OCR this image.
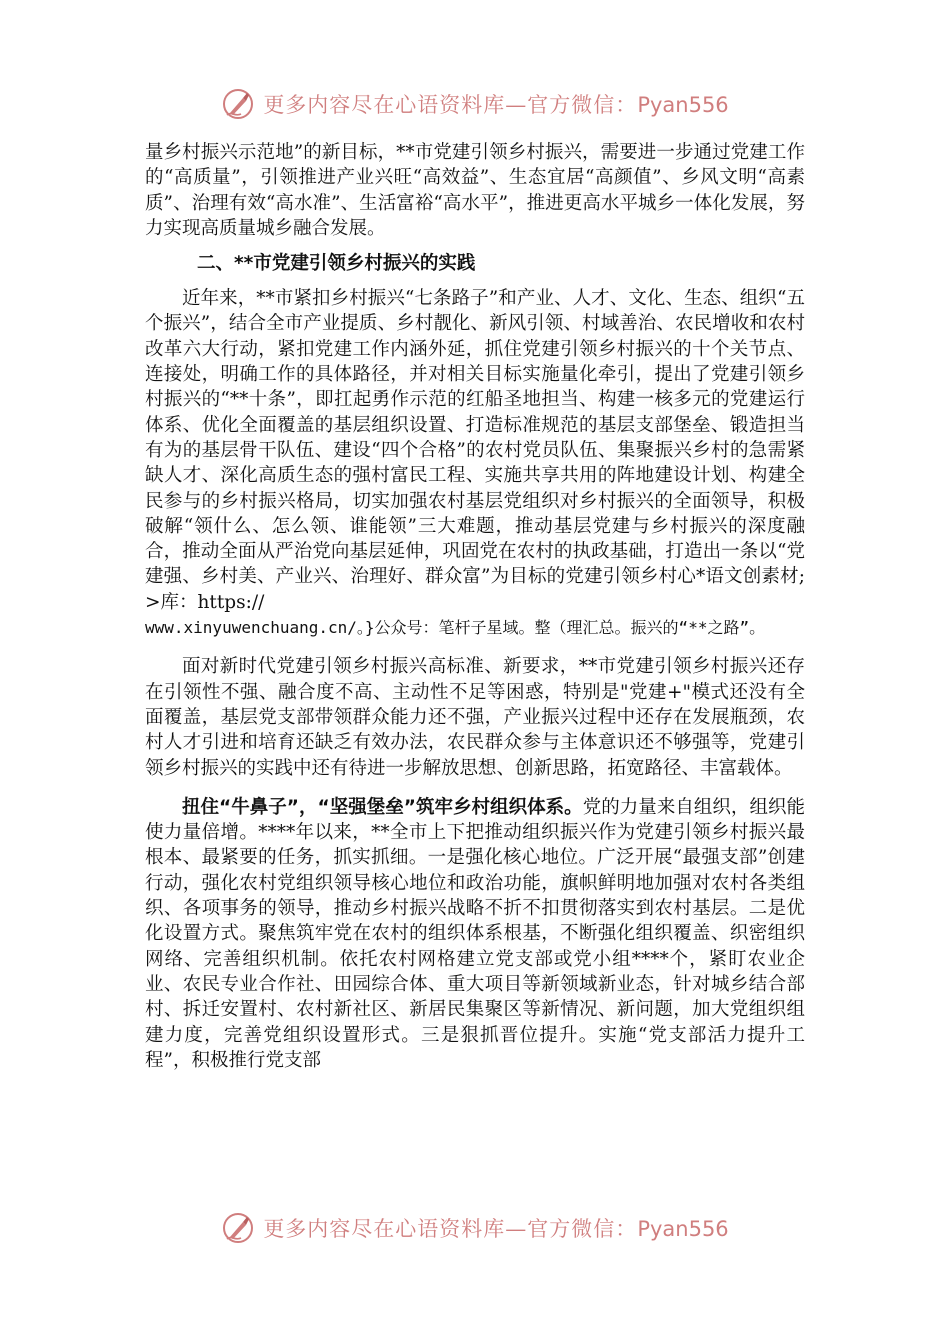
更多内容尽在心语资料库—官方微信：Pyan556

量乡村振兴示范地”的新目标，**市党建引领乡村振兴，需要进一步通过党建工作的“高质量”，引领推进产业兴旺“高效益”、生态宜居“高颜值”、乡风文明“高素质”、治理有效“高水准”、生活富裕“高水平”，推进更高水平城乡一体化发展，努力实现高质量城乡融合发展。

二、**市党建引领乡村振兴的实践

近年来，**市紧扣乡村振兴“七条路子”和产业、人才、文化、生态、组织“五个振兴”，结合全市产业提质、乡村靓化、新风引领、村域善治、农民增收和农村改革六大行动，紧扣党建工作内涵外延，抓住党建引领乡村振兴的十个关节点、连接处，明确工作的具体路径，并对相关目标实施量化牵引，提出了党建引领乡村振兴的“**十条”，即扛起勇作示范的红船圣地担当、构建一核多元的党建运行体系、优化全面覆盖的基层组织设置、打造标准规范的基层支部堡垒、锻造担当有为的基层骨干队伍、建设“四个合格”的农村党员队伍、集聚振兴乡村的急需紧缺人才、深化高质生态的强村富民工程、实施共享共用的阵地建设计划、构建全民参与的乡村振兴格局，切实加强农村基层党组织对乡村振兴的全面领导，积极破解“领什么、怎么领、谁能领”三大难题，推动基层党建与乡村振兴的深度融合，推动全面从严治党向基层延伸，巩固党在农村的执政基础，打造出一条以“党建强、乡村美、产业兴、治理好、群众富”为目标的党建引领乡村心*语文创素材;>库：https://

www.xinyuwenchuang.cn/。}公众号：笔杆子星域。整（理汇总。振兴的“**之路”。

面对新时代党建引领乡村振兴高标准、新要求，**市党建引领乡村振兴还存在引领性不强、融合度不高、主动性不足等困惑，特别是"党建+"模式还没有全面覆盖，基层党支部带领群众能力还不强，产业振兴过程中还存在发展瓶颈，农村人才引进和培育还缺乏有效办法，农民群众参与主体意识还不够强等，党建引领乡村振兴的实践中还有待进一步解放思想、创新思路，拓宽路径、丰富载体。

扭住“牛鼻子”，“坚强堡垒”筑牢乡村组织体系。党的力量来自组织，组织能使力量倍增。****年以来，**全市上下把推动组织振兴作为党建引领乡村振兴最根本、最紧要的任务，抓实抓细。一是强化核心地位。广泛开展“最强支部”创建行动，强化农村党组织领导核心地位和政治功能，旗帜鲜明地加强对农村各类组织、各项事务的领导，推动乡村振兴战略不折不扣贯彻落实到农村基层。二是优化设置方式。聚焦筑牢党在农村的组织体系根基，不断强化组织覆盖、织密组织网络、完善组织机制。依托农村网格建立党支部或党小组****个，紧盯农业企业、农民专业合作社、田园综合体、重大项目等新领域新业态，针对城乡结合部村、拆迁安置村、农村新社区、新居民集聚区等新情况、新问题，加大党组织组建力度，完善党组织设置形式。三是狠抓晋位提升。实施“党支部活力提升工程”，积极推行党支部

更多内容尽在心语资料库—官方微信：Pyan556
